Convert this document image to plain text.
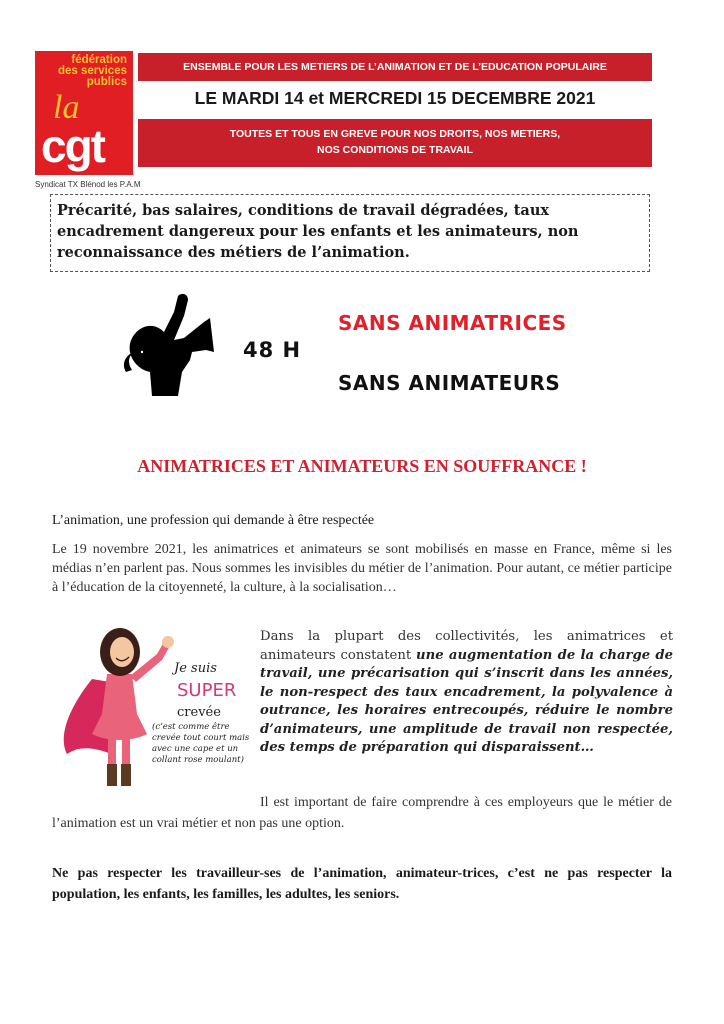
fédération
des services
publics
la
cgt
Syndicat TX Blénod les P.A.M
ENSEMBLE POUR LES METIERS DE L’ANIMATION ET DE L’EDUCATION POPULAIRE
LE MARDI 14 et MERCREDI 15 DECEMBRE 2021
TOUTES ET TOUS EN GREVE POUR NOS DROITS, NOS METIERS,
NOS CONDITIONS DE TRAVAIL
Précarité, bas salaires, conditions de travail dégradées, taux encadrement dangereux pour les enfants et les animateurs, non reconnaissance des métiers de l’animation.
48 H
SANS ANIMATRICES
SANS ANIMATEURS
ANIMATRICES ET ANIMATEURS EN SOUFFRANCE !
L’animation, une profession qui demande à être respectée
Le 19 novembre 2021, les animatrices et animateurs se sont mobilisés en masse en France, même si les médias n’en parlent pas. Nous sommes les invisibles du métier de l’animation. Pour autant, ce métier participe à l’éducation de la citoyenneté, la culture, à la socialisation…
Je suis
SUPER
crevée
(c’est comme être crevée tout court mais avec une cape et un collant rose moulant)
Dans la plupart des collectivités, les animatrices et animateurs constatent une augmentation de la charge de travail, une précarisation qui s’inscrit dans les années, le non-respect des taux encadrement, la polyvalence à outrance, les horaires entrecoupés, réduire le nombre d’animateurs, une amplitude de travail non respectée, des temps de préparation qui disparaissent…
Il est important de faire comprendre à ces employeurs que le métier de l’animation est un vrai métier et non pas une option.
Ne pas respecter les travailleur-ses de l’animation, animateur-trices, c’est ne pas respecter la population, les enfants, les familles, les adultes, les seniors.
